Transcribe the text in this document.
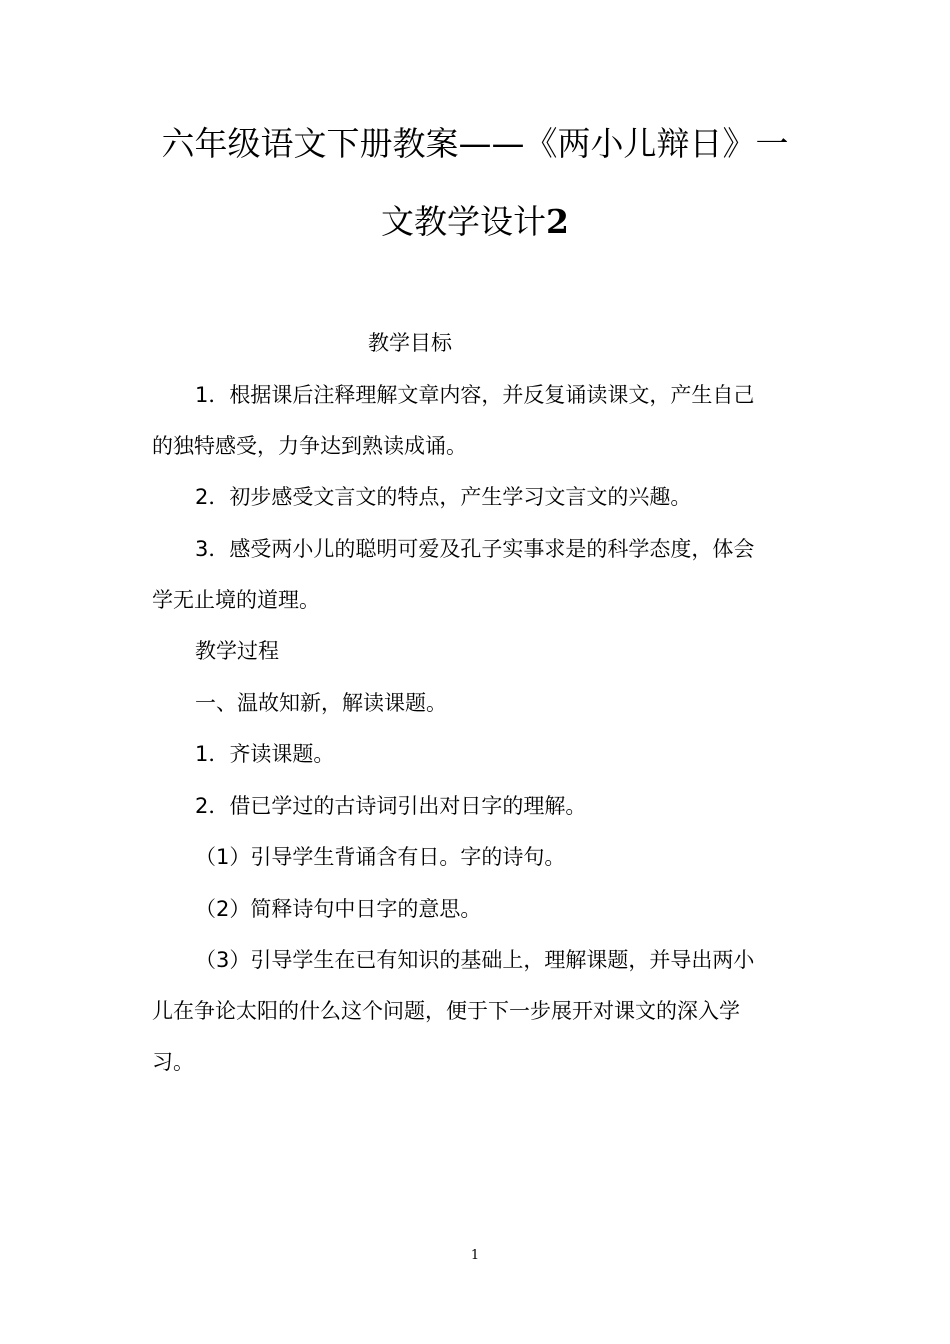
六年级语文下册教案——《两小儿辩日》一
文教学设计2
教学目标
1．根据课后注释理解文章内容，并反复诵读课文，产生自己
的独特感受，力争达到熟读成诵。
2．初步感受文言文的特点，产生学习文言文的兴趣。
3．感受两小儿的聪明可爱及孔子实事求是的科学态度，体会
学无止境的道理。
教学过程
一、温故知新，解读课题。
1．齐读课题。
2．借已学过的古诗词引出对日字的理解。
（1）引导学生背诵含有日。字的诗句。
（2）简释诗句中日字的意思。
（3）引导学生在已有知识的基础上，理解课题，并导出两小
儿在争论太阳的什么这个问题，便于下一步展开对课文的深入学
习。
1
